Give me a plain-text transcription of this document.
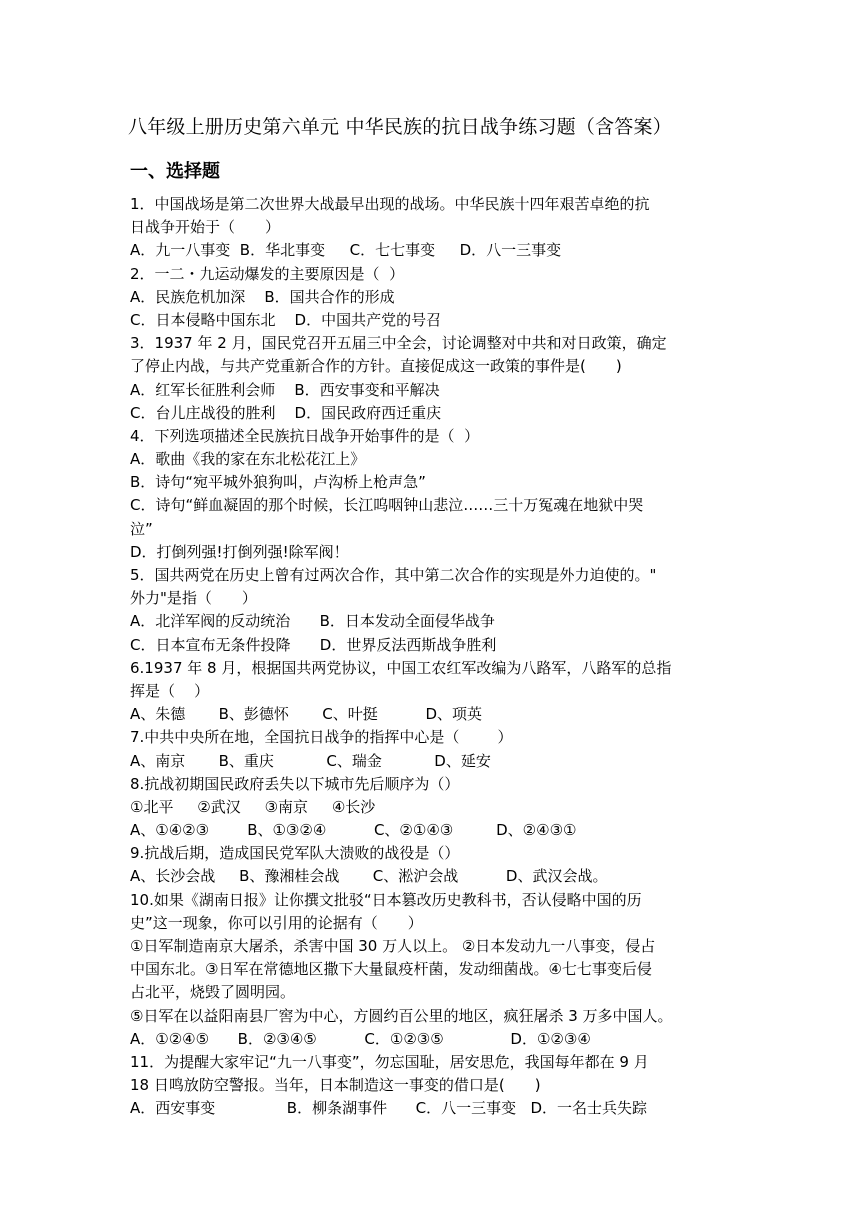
八年级上册历史第六单元 中华民族的抗日战争练习题（含答案）
一、选择题
1．中国战场是第二次世界大战最早出现的战场。中华民族十四年艰苦卓绝的抗
日战争开始于（　　）
A．九一八事变  B．华北事变　  C．七七事变　  D．八一三事变
2．一二・九运动爆发的主要原因是（  ）
A．民族危机加深    B．国共合作的形成
C．日本侵略中国东北    D．中国共产党的号召
3．1937 年 2 月，国民党召开五届三中全会，讨论调整对中共和对日政策，确定
了停止内战，与共产党重新合作的方针。直接促成这一政策的事件是(　　)
A．红军长征胜利会师    B．西安事变和平解决
C．台儿庄战役的胜利    D．国民政府西迁重庆
4．下列选项描述全民族抗日战争开始事件的是（  ）
A．歌曲《我的家在东北松花江上》
B．诗句“宛平城外狼狗叫，卢沟桥上枪声急”
C．诗句“鲜血凝固的那个时候，长江呜咽钟山悲泣……三十万冤魂在地狱中哭
泣”
D．打倒列强!打倒列强!除军阀！
5．国共两党在历史上曾有过两次合作，其中第二次合作的实现是外力迫使的。"
外力"是指（　　）
A．北洋军阀的反动统治　   B．日本发动全面侵华战争
C．日本宣布无条件投降　   D．世界反法西斯战争胜利
6.1937 年 8 月，根据国共两党协议，中国工农红军改编为八路军，八路军的总指
挥是（    ）
A、朱德       B、彭德怀       C、叶挺          D、项英
7.中共中央所在地，全国抗日战争的指挥中心是（        ）
A、南京       B、重庆           C、瑞金           D、延安
8.抗战初期国民政府丢失以下城市先后顺序为（）
①北平     ②武汉     ③南京     ④长沙
A、①④②③        B、①③②④          C、②①④③         D、②④③①
9.抗战后期，造成国民党军队大溃败的战役是（）
A、长沙会战     B、豫湘桂会战       C、淞沪会战          D、武汉会战。
10.如果《湖南日报》让你撰文批驳“日本篡改历史教科书，否认侵略中国的历
史”这一现象，你可以引用的论据有（　　）
①日军制造南京大屠杀，杀害中国 30 万人以上。 ②日本发动九一八事变，侵占
中国东北。③日军在常德地区撒下大量鼠疫杆菌，发动细菌战。④七七事变后侵
占北平，烧毁了圆明园。
⑤日军在以益阳南县厂窖为中心，方圆约百公里的地区，疯狂屠杀 3 万多中国人。
A．①②④⑤      B．②③④⑤          C．①②③⑤              D．①②③④
11．为提醒大家牢记“九一八事变”，勿忘国耻，居安思危，我国每年都在 9 月
18 日鸣放防空警报。当年，日本制造这一事变的借口是(　　)
A．西安事变               B．柳条湖事件      C．八一三事变   D．一名士兵失踪
